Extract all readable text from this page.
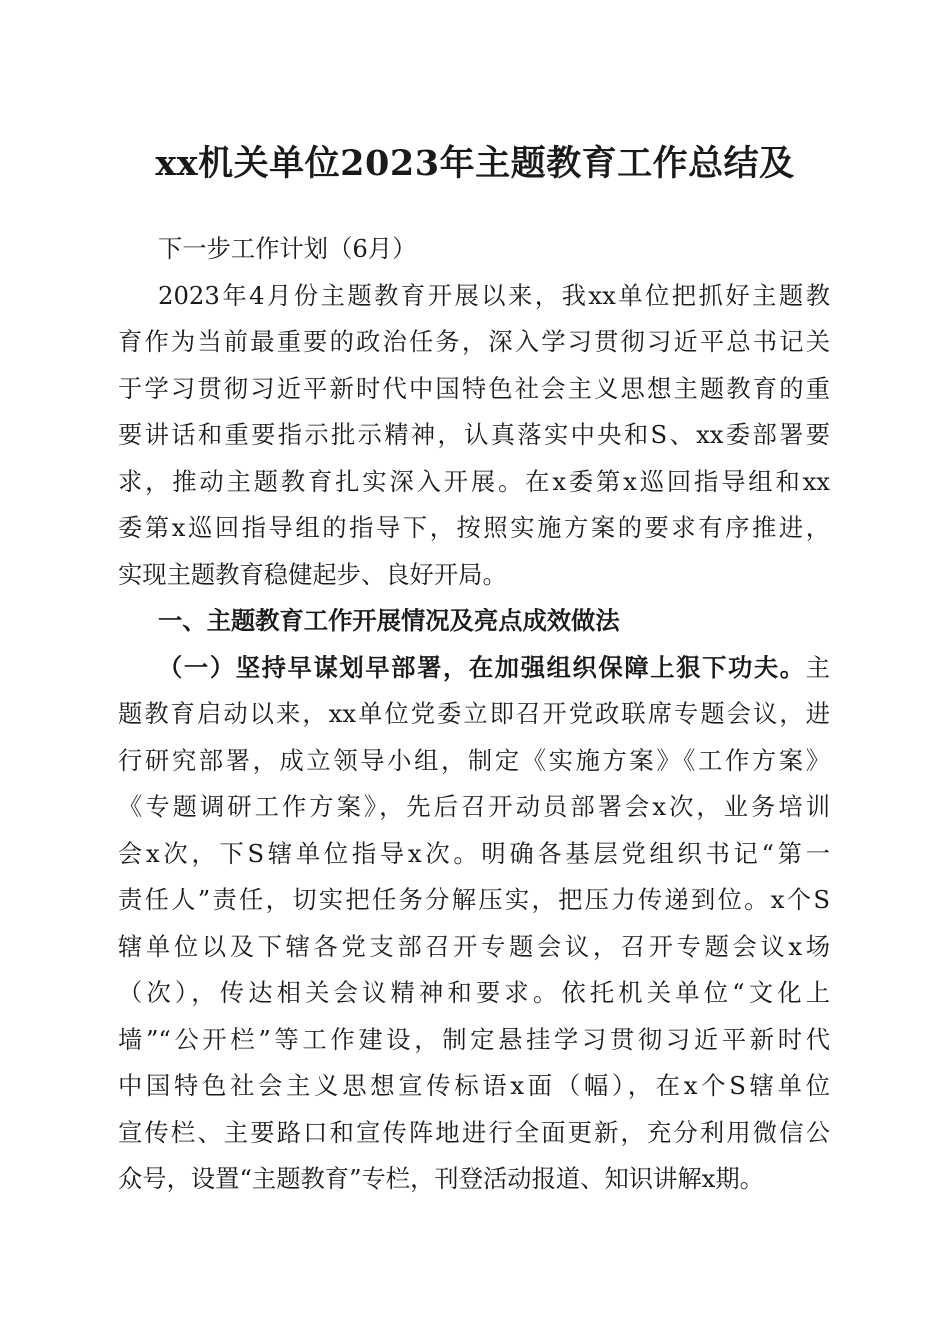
xx机关单位2023年主题教育工作总结及
下一步工作计划（6月）
2023年4月份主题教育开展以来，我xx单位把抓好主题教
育作为当前最重要的政治任务，深入学习贯彻习近平总书记关
于学习贯彻习近平新时代中国特色社会主义思想主题教育的重
要讲话和重要指示批示精神，认真落实中央和S、xx委部署要
求，推动主题教育扎实深入开展。在x委第x巡回指导组和xx
委第x巡回指导组的指导下，按照实施方案的要求有序推进，
实现主题教育稳健起步、良好开局。
一、主题教育工作开展情况及亮点成效做法
（一）坚持早谋划早部署，在加强组织保障上狠下功夫。主
题教育启动以来，xx单位党委立即召开党政联席专题会议，进
行研究部署，成立领导小组，制定《实施方案》《工作方案》
《专题调研工作方案》，先后召开动员部署会x次，业务培训
会x次，下S辖单位指导x次。明确各基层党组织书记“第一
责任人”责任，切实把任务分解压实，把压力传递到位。x个S
辖单位以及下辖各党支部召开专题会议，召开专题会议x场
（次），传达相关会议精神和要求。依托机关单位“文化上
墙”“公开栏”等工作建设，制定悬挂学习贯彻习近平新时代
中国特色社会主义思想宣传标语x面（幅），在x个S辖单位
宣传栏、主要路口和宣传阵地进行全面更新，充分利用微信公
众号，设置“主题教育”专栏，刊登活动报道、知识讲解x期。
